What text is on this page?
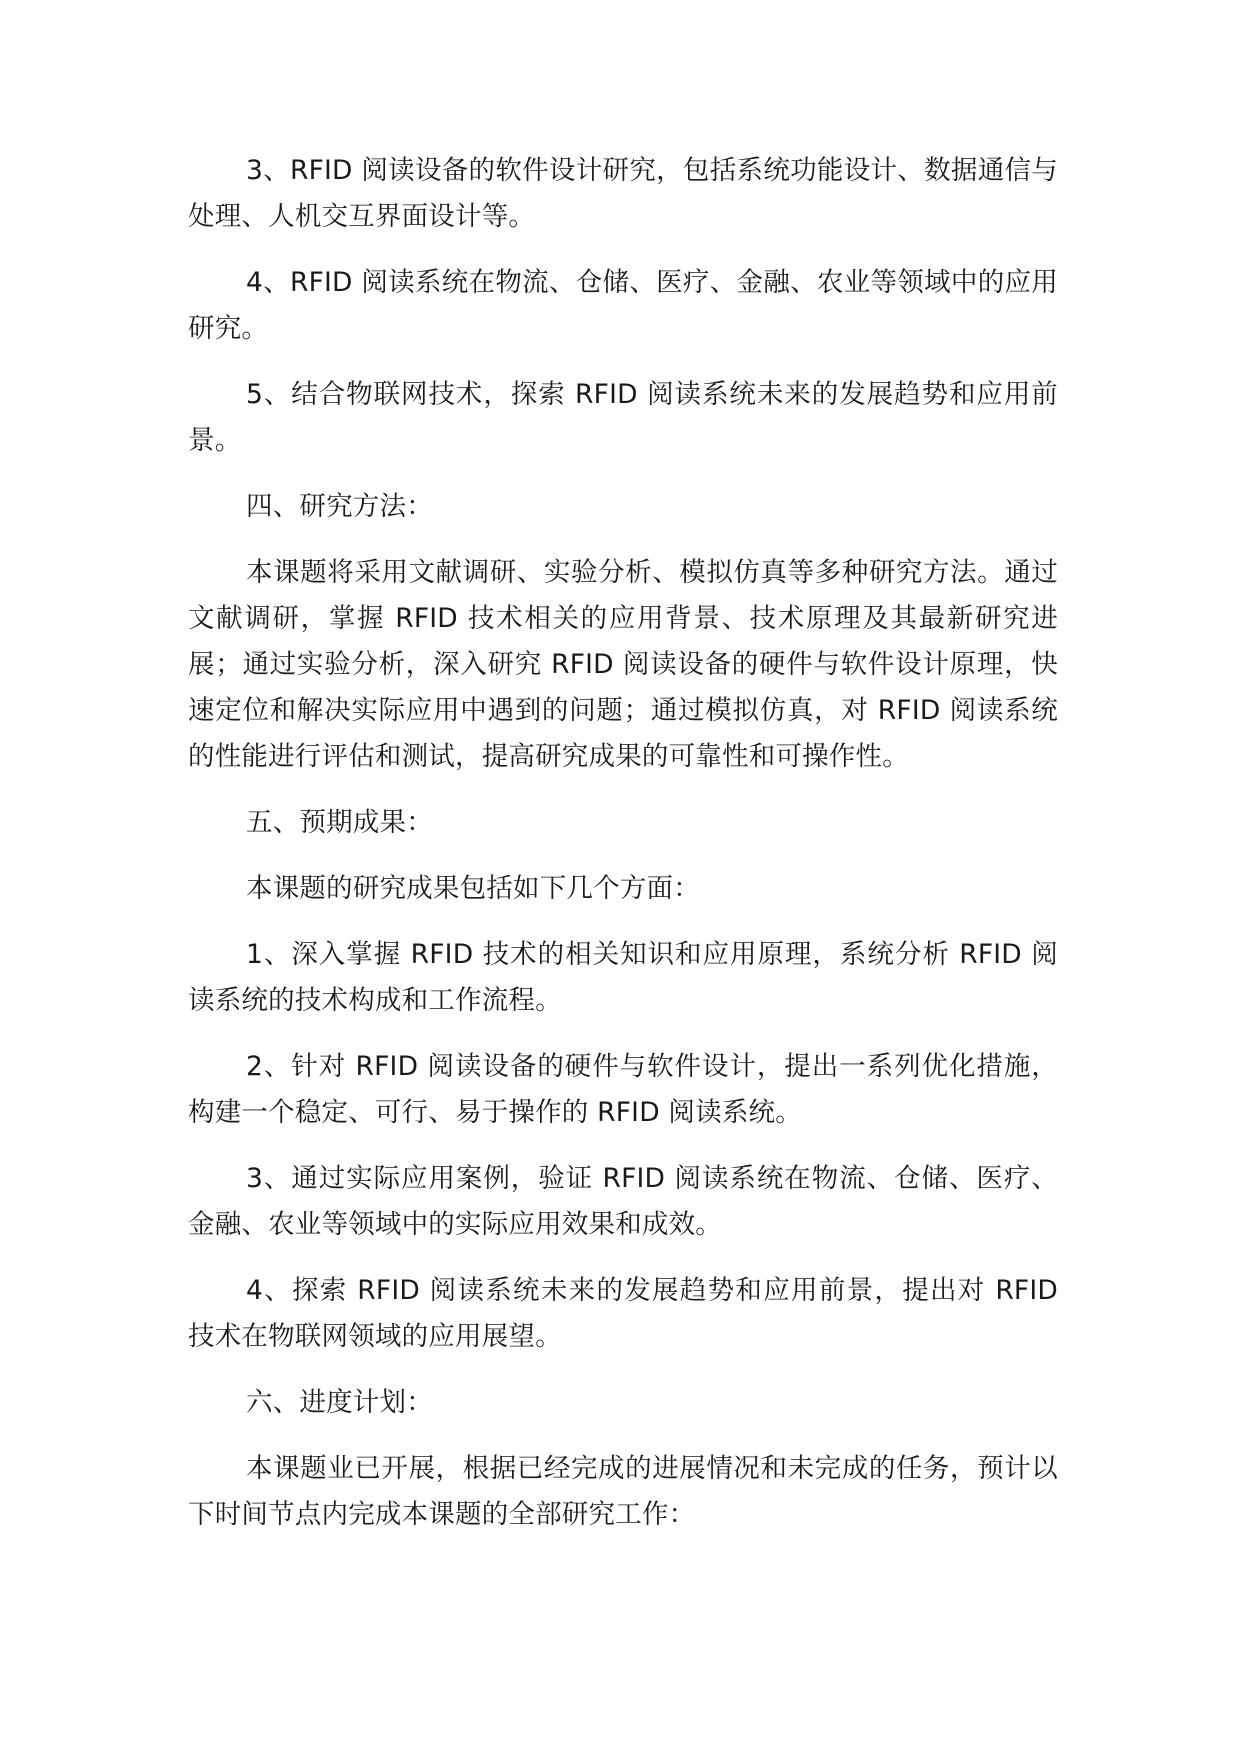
3、RFID 阅读设备的软件设计研究，包括系统功能设计、数据通信与处理、人机交互界面设计等。

4、RFID 阅读系统在物流、仓储、医疗、金融、农业等领域中的应用研究。

5、结合物联网技术，探索 RFID 阅读系统未来的发展趋势和应用前景。

四、研究方法：

本课题将采用文献调研、实验分析、模拟仿真等多种研究方法。通过文献调研，掌握 RFID 技术相关的应用背景、技术原理及其最新研究进展；通过实验分析，深入研究 RFID 阅读设备的硬件与软件设计原理，快速定位和解决实际应用中遇到的问题；通过模拟仿真，对 RFID 阅读系统的性能进行评估和测试，提高研究成果的可靠性和可操作性。

五、预期成果：

本课题的研究成果包括如下几个方面：

1、深入掌握 RFID 技术的相关知识和应用原理，系统分析 RFID 阅读系统的技术构成和工作流程。

2、针对 RFID 阅读设备的硬件与软件设计，提出一系列优化措施，构建一个稳定、可行、易于操作的 RFID 阅读系统。

3、通过实际应用案例，验证 RFID 阅读系统在物流、仓储、医疗、金融、农业等领域中的实际应用效果和成效。

4、探索 RFID 阅读系统未来的发展趋势和应用前景，提出对 RFID 技术在物联网领域的应用展望。

六、进度计划：

本课题业已开展，根据已经完成的进展情况和未完成的任务，预计以下时间节点内完成本课题的全部研究工作：
